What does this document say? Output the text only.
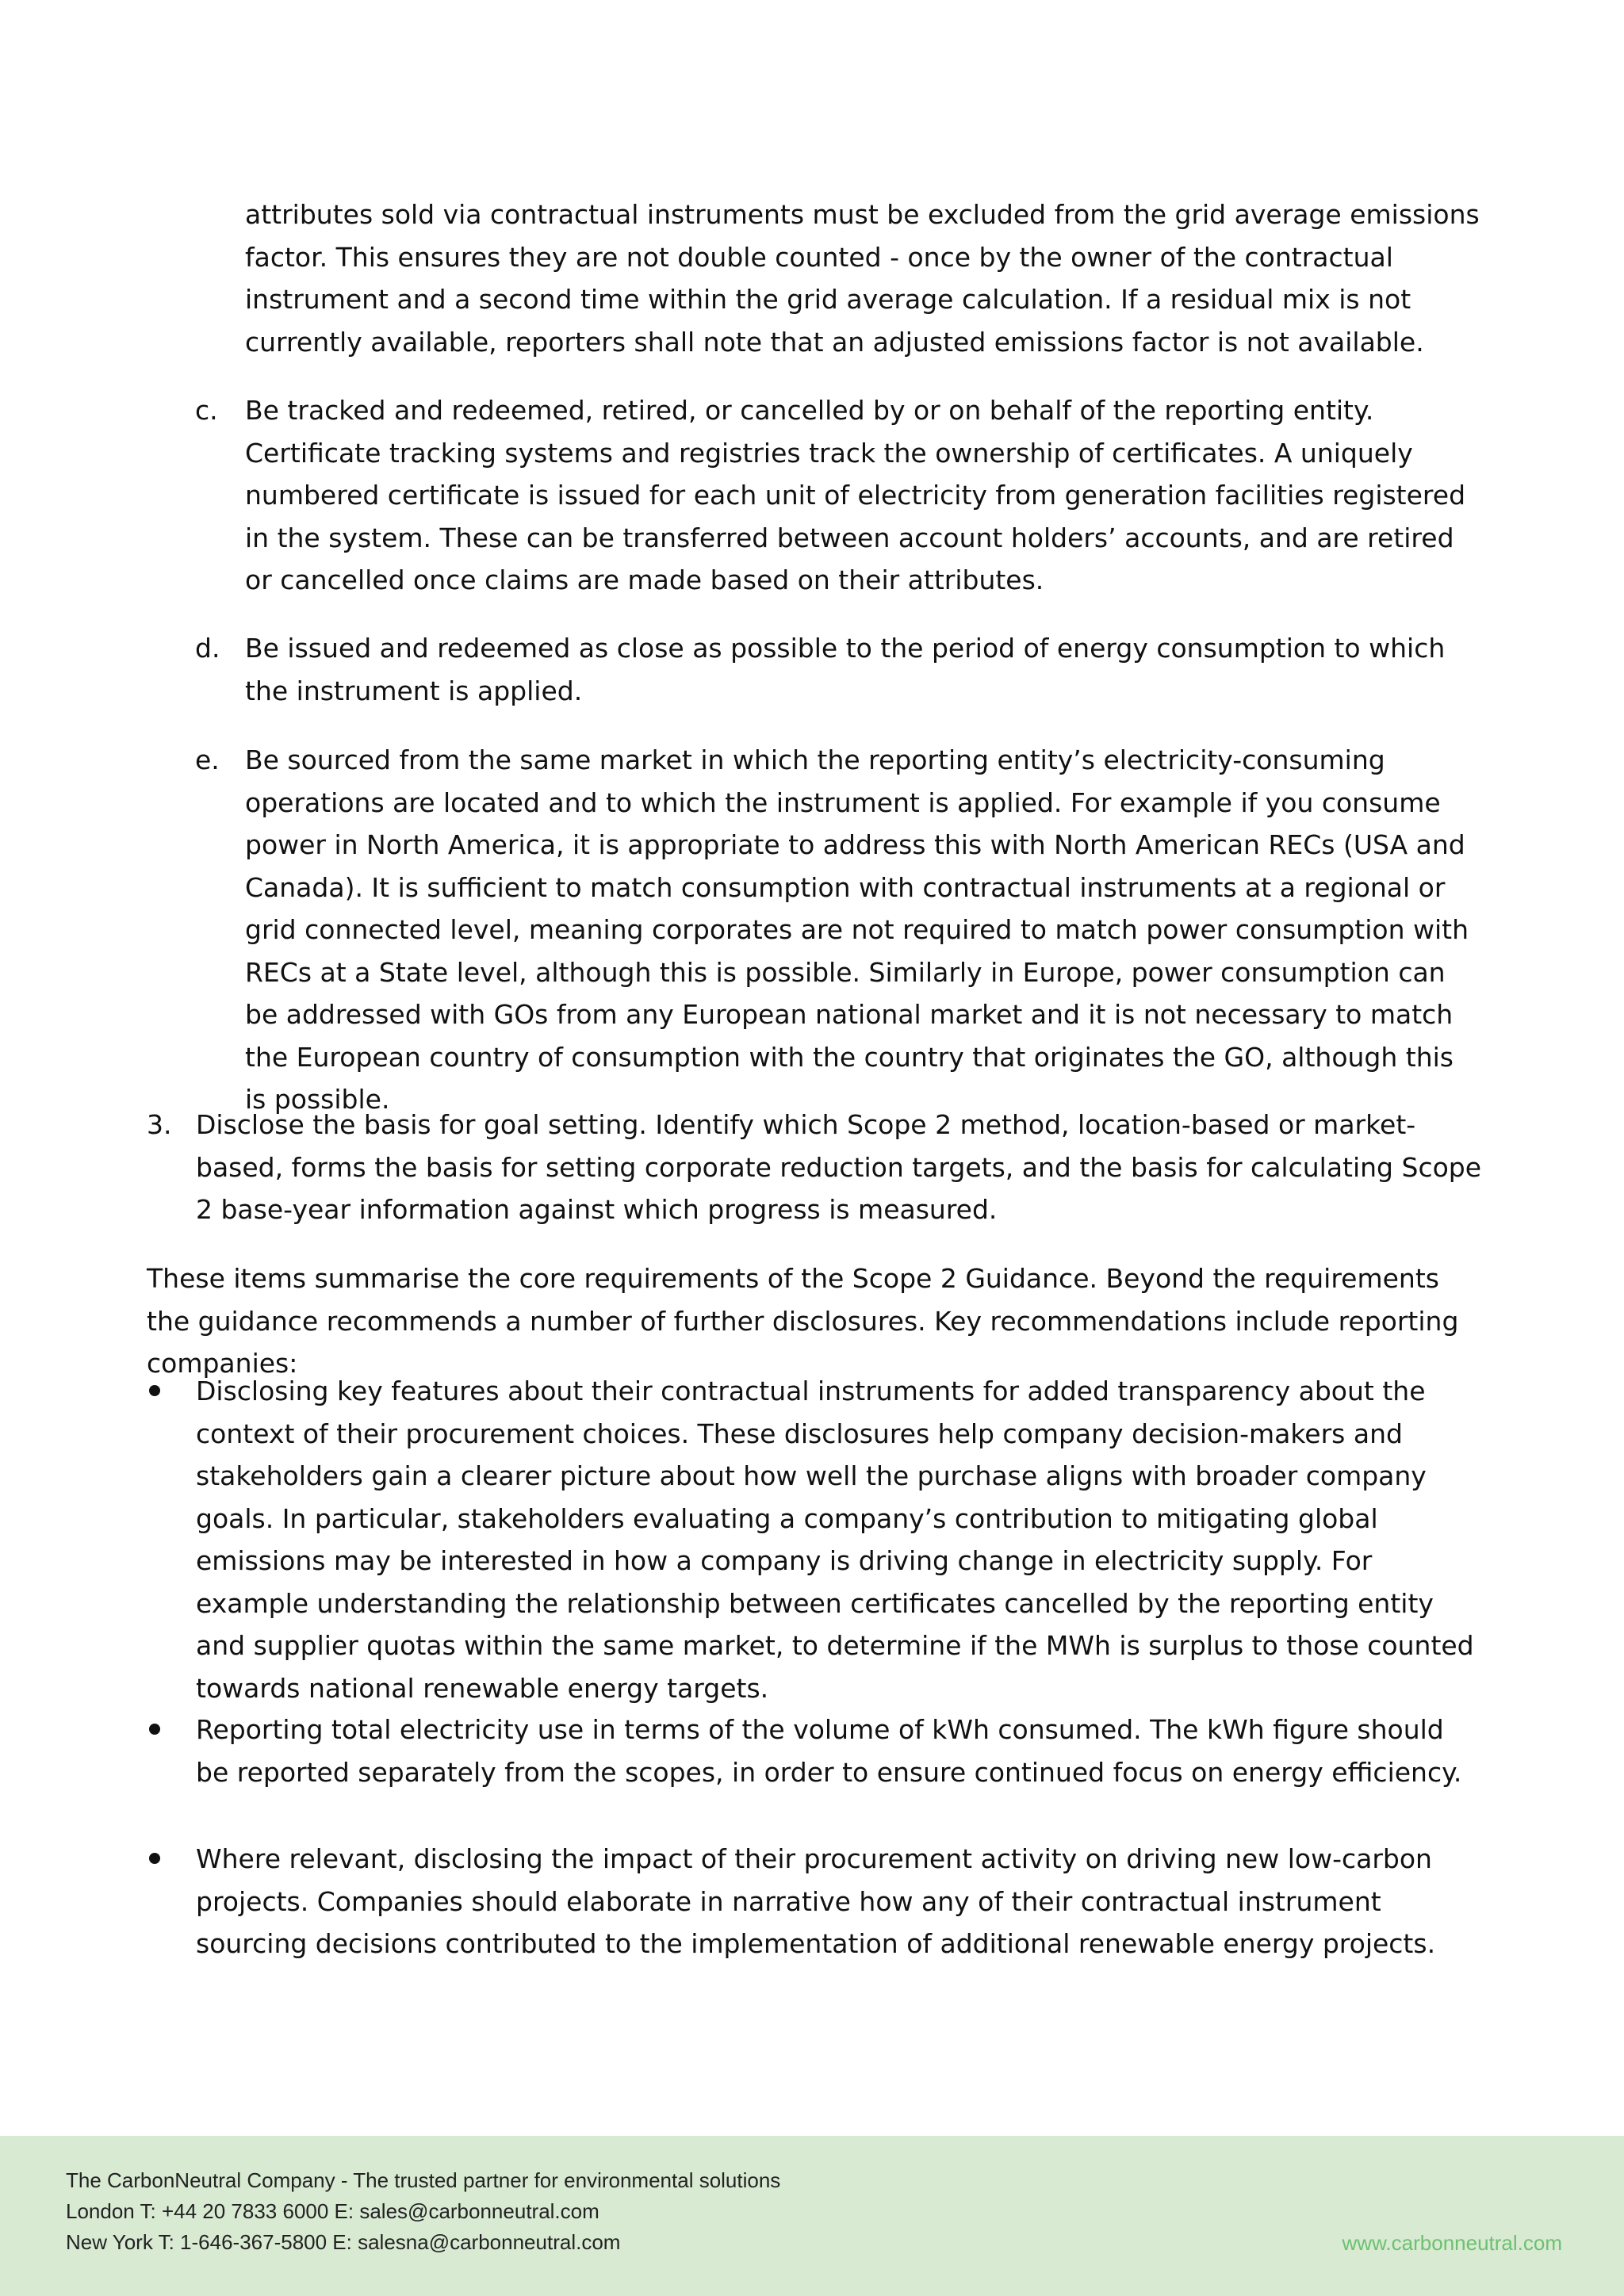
attributes sold via contractual instruments must be excluded from the grid average emissions factor. This ensures they are not double counted - once by the owner of the contractual instrument and a second time within the grid average calculation. If a residual mix is not currently available, reporters shall note that an adjusted emissions factor is not available.

c. Be tracked and redeemed, retired, or cancelled by or on behalf of the reporting entity. Certificate tracking systems and registries track the ownership of certificates. A uniquely numbered certificate is issued for each unit of electricity from generation facilities registered in the system. These can be transferred between account holders’ accounts, and are retired or cancelled once claims are made based on their attributes.

d. Be issued and redeemed as close as possible to the period of energy consumption to which the instrument is applied.

e. Be sourced from the same market in which the reporting entity’s electricity-consuming operations are located and to which the instrument is applied. For example if you consume power in North America, it is appropriate to address this with North American RECs (USA and Canada). It is sufficient to match consumption with contractual instruments at a regional or grid connected level, meaning corporates are not required to match power consumption with RECs at a State level, although this is possible. Similarly in Europe, power consumption can be addressed with GOs from any European national market and it is not necessary to match the European country of consumption with the country that originates the GO, although this is possible.

3. Disclose the basis for goal setting. Identify which Scope 2 method, location-based or market-based, forms the basis for setting corporate reduction targets, and the basis for calculating Scope 2 base-year information against which progress is measured.

These items summarise the core requirements of the Scope 2 Guidance. Beyond the requirements the guidance recommends a number of further disclosures. Key recommendations include reporting companies:

Disclosing key features about their contractual instruments for added transparency about the context of their procurement choices. These disclosures help company decision-makers and stakeholders gain a clearer picture about how well the purchase aligns with broader company goals. In particular, stakeholders evaluating a company’s contribution to mitigating global emissions may be interested in how a company is driving change in electricity supply. For example understanding the relationship between certificates cancelled by the reporting entity and supplier quotas within the same market, to determine if the MWh is surplus to those counted towards national renewable energy targets.

Reporting total electricity use in terms of the volume of kWh consumed. The kWh figure should be reported separately from the scopes, in order to ensure continued focus on energy efficiency.

Where relevant, disclosing the impact of their procurement activity on driving new low-carbon projects. Companies should elaborate in narrative how any of their contractual instrument sourcing decisions contributed to the implementation of additional renewable energy projects.

The CarbonNeutral Company - The trusted partner for environmental solutions
London T: +44 20 7833 6000 E: sales@carbonneutral.com
New York T: 1-646-367-5800 E: salesna@carbonneutral.com	www.carbonneutral.com
